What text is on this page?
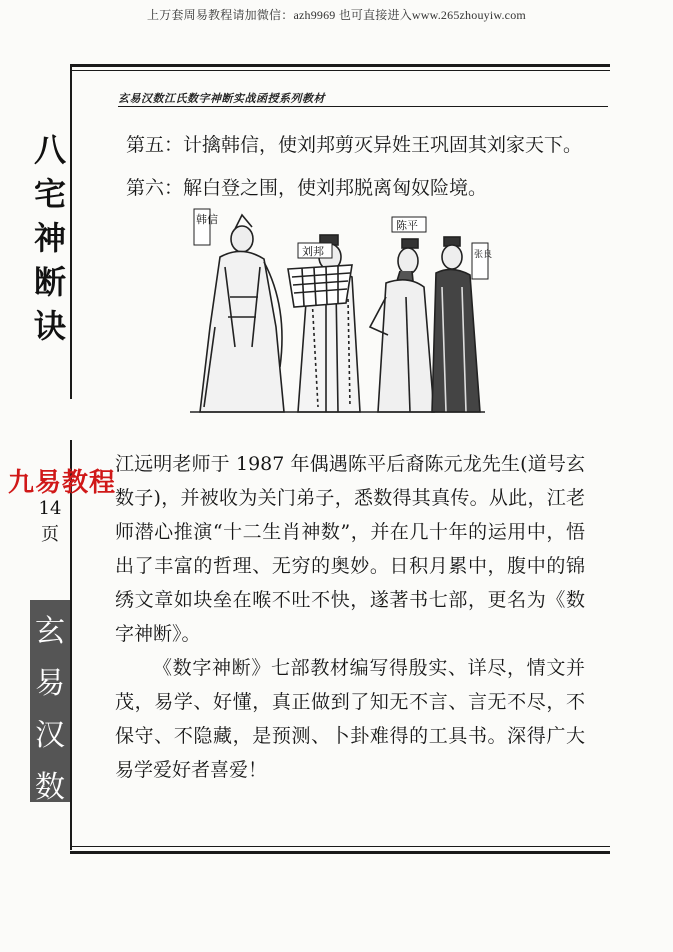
上万套周易教程请加微信：azh9969 也可直接进入www.265zhouyiw.com
玄易汉数江氏数字神断实战函授系列教材
八
宅
神
断
诀
九易教程
14
页
玄
易
汉
数
第五：计擒韩信，使刘邦剪灭异姓王巩固其刘家天下。
第六：解白登之围，使刘邦脱离匈奴险境。
韩信
刘邦
陈平
张良
江远明老师于 1987 年偶遇陈平后裔陈元龙先生(道号玄数子)，并被收为关门弟子，悉数得其真传。从此，江老师潜心推演“十二生肖神数”，并在几十年的运用中，悟出了丰富的哲理、无穷的奥妙。日积月累中，腹中的锦绣文章如块垒在喉不吐不快，遂著书七部，更名为《数字神断》。
《数字神断》七部教材编写得殷实、详尽，情文并茂，易学、好懂，真正做到了知无不言、言无不尽，不保守、不隐藏，是预测、卜卦难得的工具书。深得广大易学爱好者喜爱！
